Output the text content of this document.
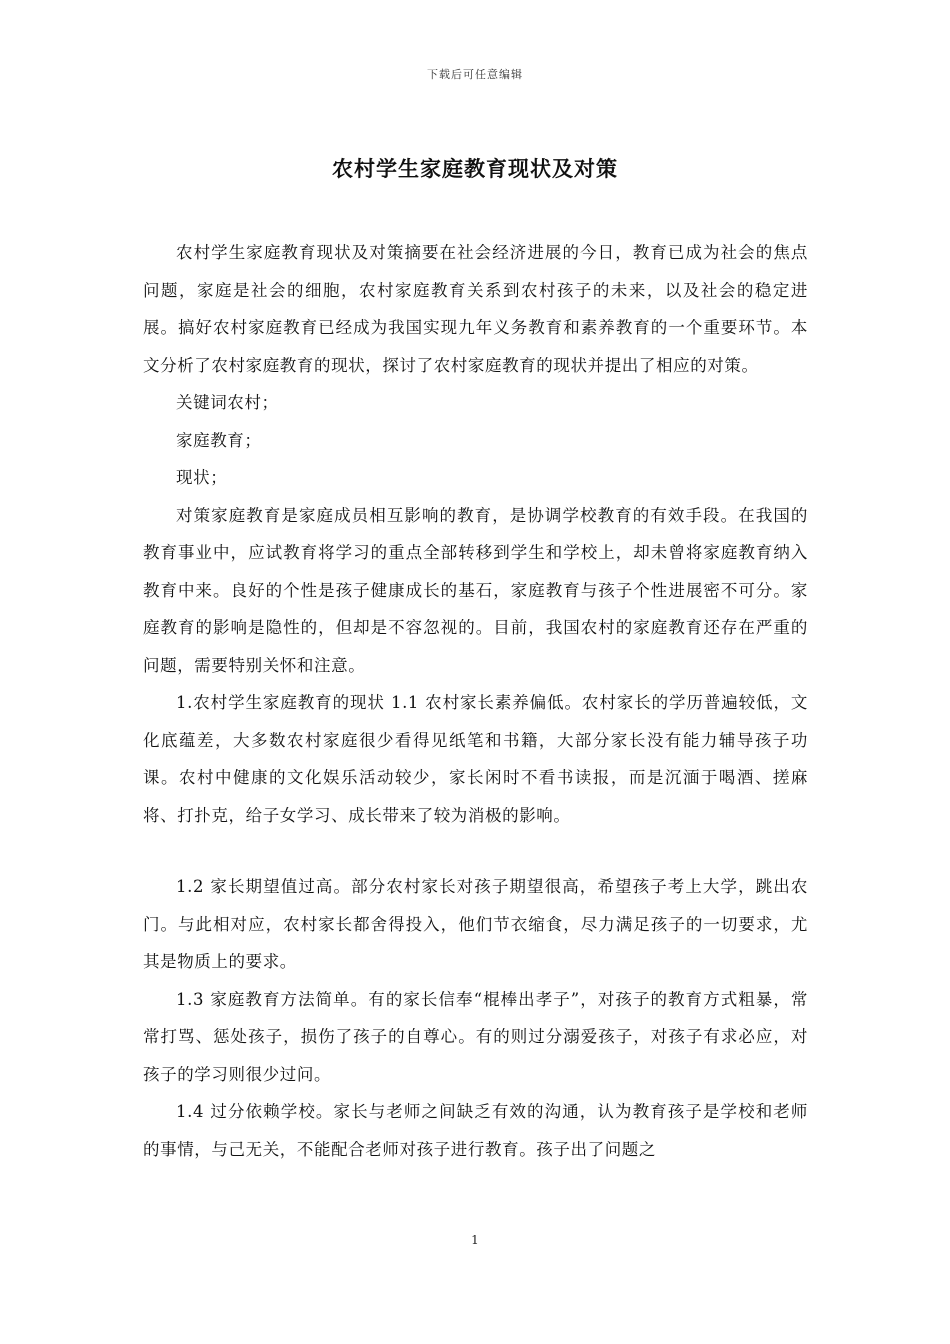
下载后可任意编辑
农村学生家庭教育现状及对策

农村学生家庭教育现状及对策摘要在社会经济进展的今日，教育已成为社会的焦点问题，家庭是社会的细胞，农村家庭教育关系到农村孩子的未来，以及社会的稳定进展。搞好农村家庭教育已经成为我国实现九年义务教育和素养教育的一个重要环节。本文分析了农村家庭教育的现状，探讨了农村家庭教育的现状并提出了相应的对策。

关键词农村；

家庭教育；

现状；

对策家庭教育是家庭成员相互影响的教育，是协调学校教育的有效手段。在我国的教育事业中，应试教育将学习的重点全部转移到学生和学校上，却未曾将家庭教育纳入教育中来。良好的个性是孩子健康成长的基石，家庭教育与孩子个性进展密不可分。家庭教育的影响是隐性的，但却是不容忽视的。目前，我国农村的家庭教育还存在严重的问题，需要特别关怀和注意。

1.农村学生家庭教育的现状 1.1 农村家长素养偏低。农村家长的学历普遍较低，文化底蕴差，大多数农村家庭很少看得见纸笔和书籍，大部分家长没有能力辅导孩子功课。农村中健康的文化娱乐活动较少，家长闲时不看书读报，而是沉湎于喝酒、搓麻将、打扑克，给子女学习、成长带来了较为消极的影响。

1.2 家长期望值过高。部分农村家长对孩子期望很高，希望孩子考上大学，跳出农门。与此相对应，农村家长都舍得投入，他们节衣缩食，尽力满足孩子的一切要求，尤其是物质上的要求。

1.3 家庭教育方法简单。有的家长信奉“棍棒出孝子”，对孩子的教育方式粗暴，常常打骂、惩处孩子，损伤了孩子的自尊心。有的则过分溺爱孩子，对孩子有求必应，对孩子的学习则很少过问。

1.4 过分依赖学校。家长与老师之间缺乏有效的沟通，认为教育孩子是学校和老师的事情，与己无关，不能配合老师对孩子进行教育。孩子出了问题之

1
